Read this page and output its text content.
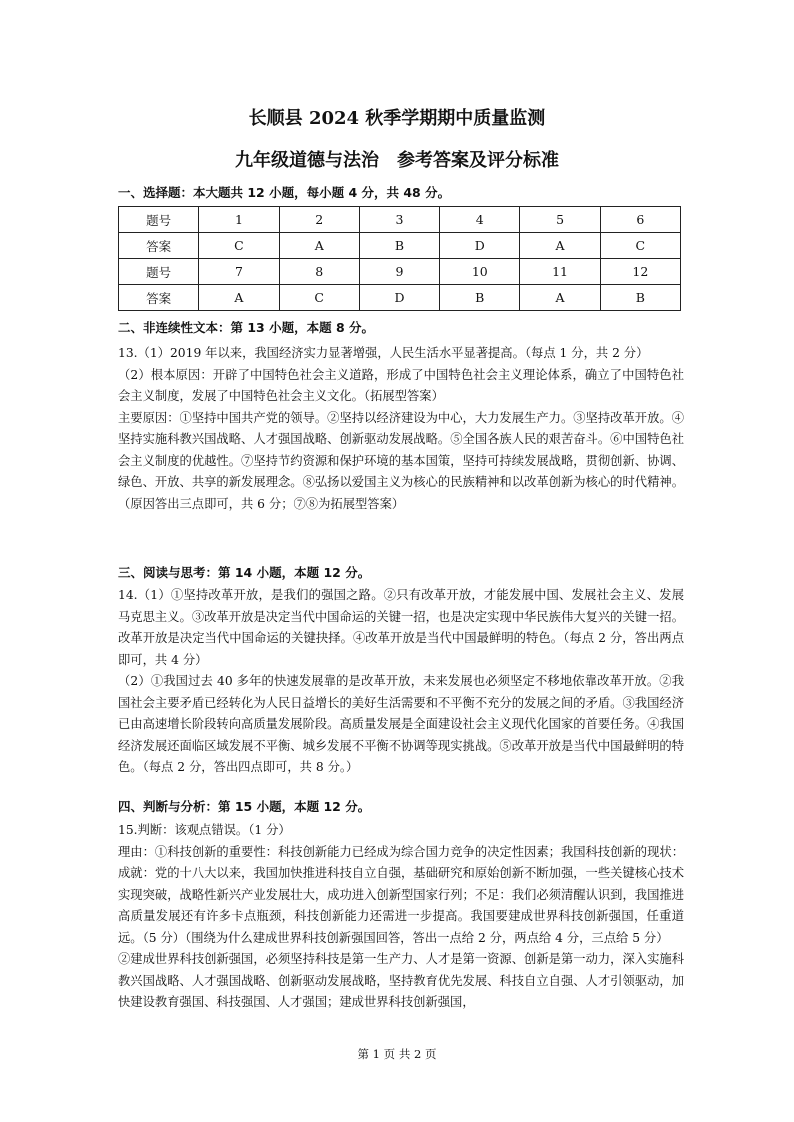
长顺县 2024 秋季学期期中质量监测
九年级道德与法治　参考答案及评分标准
一、选择题：本大题共 12 小题，每小题 4 分，共 48 分。
题号	1	2	3	4	5	6
答案	C	A	B	D	A	C
题号	7	8	9	10	11	12
答案	A	C	D	B	A	B
二、非连续性文本：第 13 小题，本题 8 分。

13.（1）2019 年以来，我国经济实力显著增强，人民生活水平显著提高。（每点 1 分，共 2 分）

（2）根本原因：开辟了中国特色社会主义道路，形成了中国特色社会主义理论体系，确立了中国特色社会主义制度，发展了中国特色社会主义文化。（拓展型答案）

主要原因：①坚持中国共产党的领导。②坚持以经济建设为中心，大力发展生产力。③坚持改革开放。④坚持实施科教兴国战略、人才强国战略、创新驱动发展战略。⑤全国各族人民的艰苦奋斗。⑥中国特色社会主义制度的优越性。⑦坚持节约资源和保护环境的基本国策，坚持可持续发展战略，贯彻创新、协调、绿色、开放、共享的新发展理念。⑧弘扬以爱国主义为核心的民族精神和以改革创新为核心的时代精神。（原因答出三点即可，共 6 分；⑦⑧为拓展型答案）

三、阅读与思考：第 14 小题，本题 12 分。

14.（1）①坚持改革开放，是我们的强国之路。②只有改革开放，才能发展中国、发展社会主义、发展马克思主义。③改革开放是决定当代中国命运的关键一招，也是决定实现中华民族伟大复兴的关键一招。改革开放是决定当代中国命运的关键抉择。④改革开放是当代中国最鲜明的特色。（每点 2 分，答出两点即可，共 4 分）

（2）①我国过去 40 多年的快速发展靠的是改革开放，未来发展也必须坚定不移地依靠改革开放。②我国社会主要矛盾已经转化为人民日益增长的美好生活需要和不平衡不充分的发展之间的矛盾。③我国经济已由高速增长阶段转向高质量发展阶段。高质量发展是全面建设社会主义现代化国家的首要任务。④我国经济发展还面临区域发展不平衡、城乡发展不平衡不协调等现实挑战。⑤改革开放是当代中国最鲜明的特色。（每点 2 分，答出四点即可，共 8 分。）

四、判断与分析：第 15 小题，本题 12 分。

15.判断：该观点错误。（1 分）

理由：①科技创新的重要性：科技创新能力已经成为综合国力竞争的决定性因素；我国科技创新的现状：成就：党的十八大以来，我国加快推进科技自立自强，基础研究和原始创新不断加强，一些关键核心技术实现突破，战略性新兴产业发展壮大，成功进入创新型国家行列；不足：我们必须清醒认识到，我国推进高质量发展还有许多卡点瓶颈，科技创新能力还需进一步提高。我国要建成世界科技创新强国，任重道远。（5 分）（围绕为什么建成世界科技创新强国回答，答出一点给 2 分，两点给 4 分，三点给 5 分）

②建成世界科技创新强国，必须坚持科技是第一生产力、人才是第一资源、创新是第一动力，深入实施科教兴国战略、人才强国战略、创新驱动发展战略，坚持教育优先发展、科技自立自强、人才引领驱动，加快建设教育强国、科技强国、人才强国；建成世界科技创新强国，

第 1 页 共 2 页
